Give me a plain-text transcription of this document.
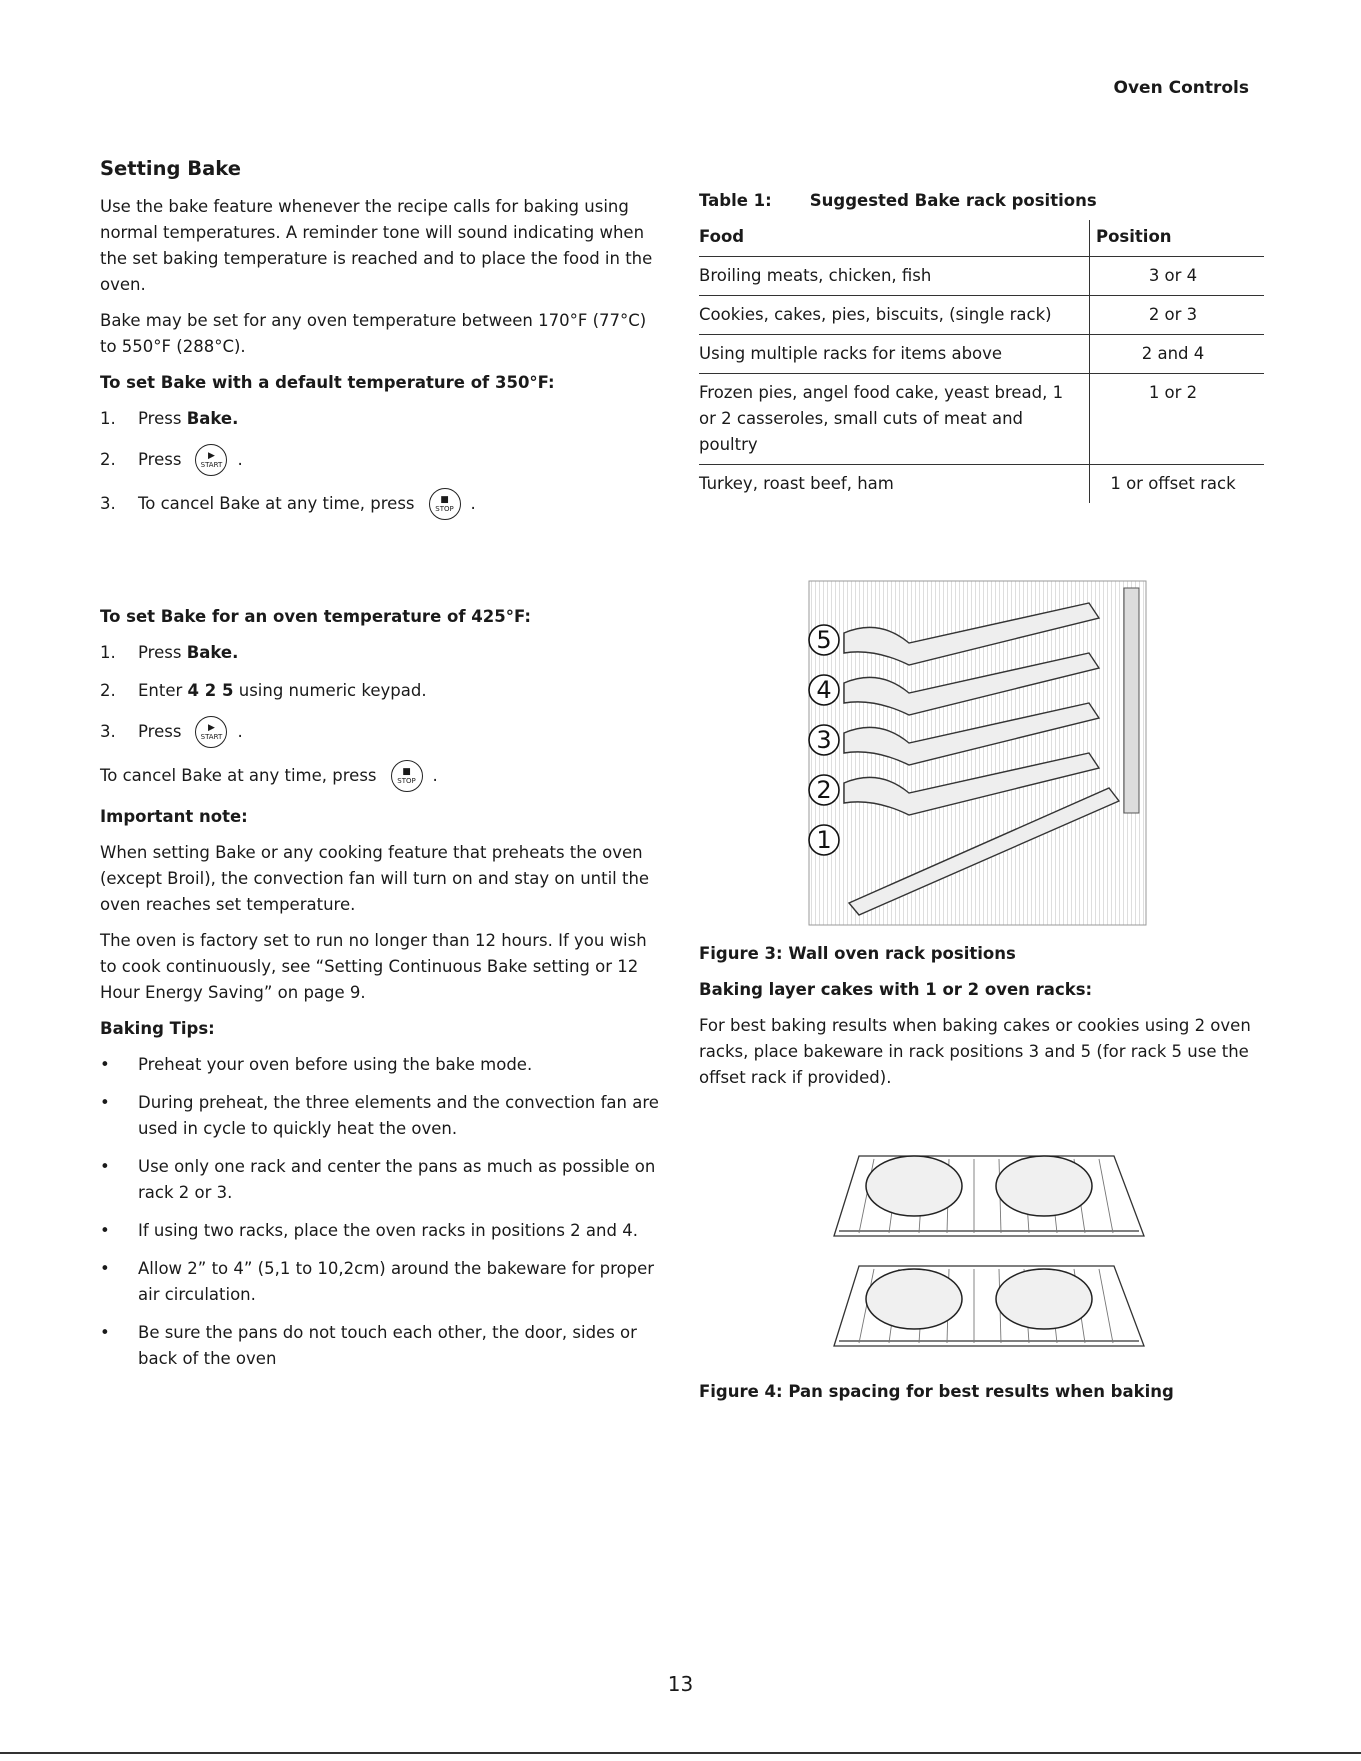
Oven Controls
Setting Bake

Use the bake feature whenever the recipe calls for baking using normal temperatures. A reminder tone will sound indicating when the set baking temperature is reached and to place the food in the oven.

Bake may be set for any oven temperature between 170°F (77°C) to 550°F (288°C).

To set Bake with a default temperature of 350°F:
1.	Press
Bake.
2.	Press	▶
START .
3.	To cancel Bake at any time, press	■
STOP .
To set Bake for an oven temperature of 425°F:
1.	Press
Bake.
2.	Enter
4 2 5
using numeric keypad.
3.	Press	▶
START .
To cancel Bake at any time, press	■
STOP .
Important note:

When setting Bake or any cooking feature that preheats the oven (except Broil), the convection fan will turn on and stay on until the oven reaches set temperature.

The oven is factory set to run no longer than 12 hours. If you wish to cook continuously, see “Setting Continuous Bake setting or 12 Hour Energy Saving” on page 9.

Baking Tips:
• Preheat your oven before using the bake mode.
• During preheat, the three elements and the convection fan are used in cycle to quickly heat the oven.
• Use only one rack and center the pans as much as possible on rack 2 or 3.
• If using two racks, place the oven racks in positions 2 and 4.
• Allow 2” to 4” (5,1 to 10,2cm) around the bakeware for proper air circulation.
• Be sure the pans do not touch each other, the door, sides or back of the oven
Table 1: Suggested Bake rack positions
Food	Position
Broiling meats, chicken, fish	3 or 4
Cookies, cakes, pies, biscuits, (single rack)	2 or 3
Using multiple racks for items above	2 and 4
Frozen pies, angel food cake, yeast bread, 1 or 2 casseroles, small cuts of meat and poultry	1 or 2
Turkey, roast beef, ham	1 or offset rack
5
4
3
2
1
Figure 3: Wall oven rack positions
Baking layer cakes with 1 or 2 oven racks:

For best baking results when baking cakes or cookies using 2 oven racks, place bakeware in rack positions 3 and 5 (for rack 5 use the offset rack if provided).

Figure 4: Pan spacing for best results when baking
13
